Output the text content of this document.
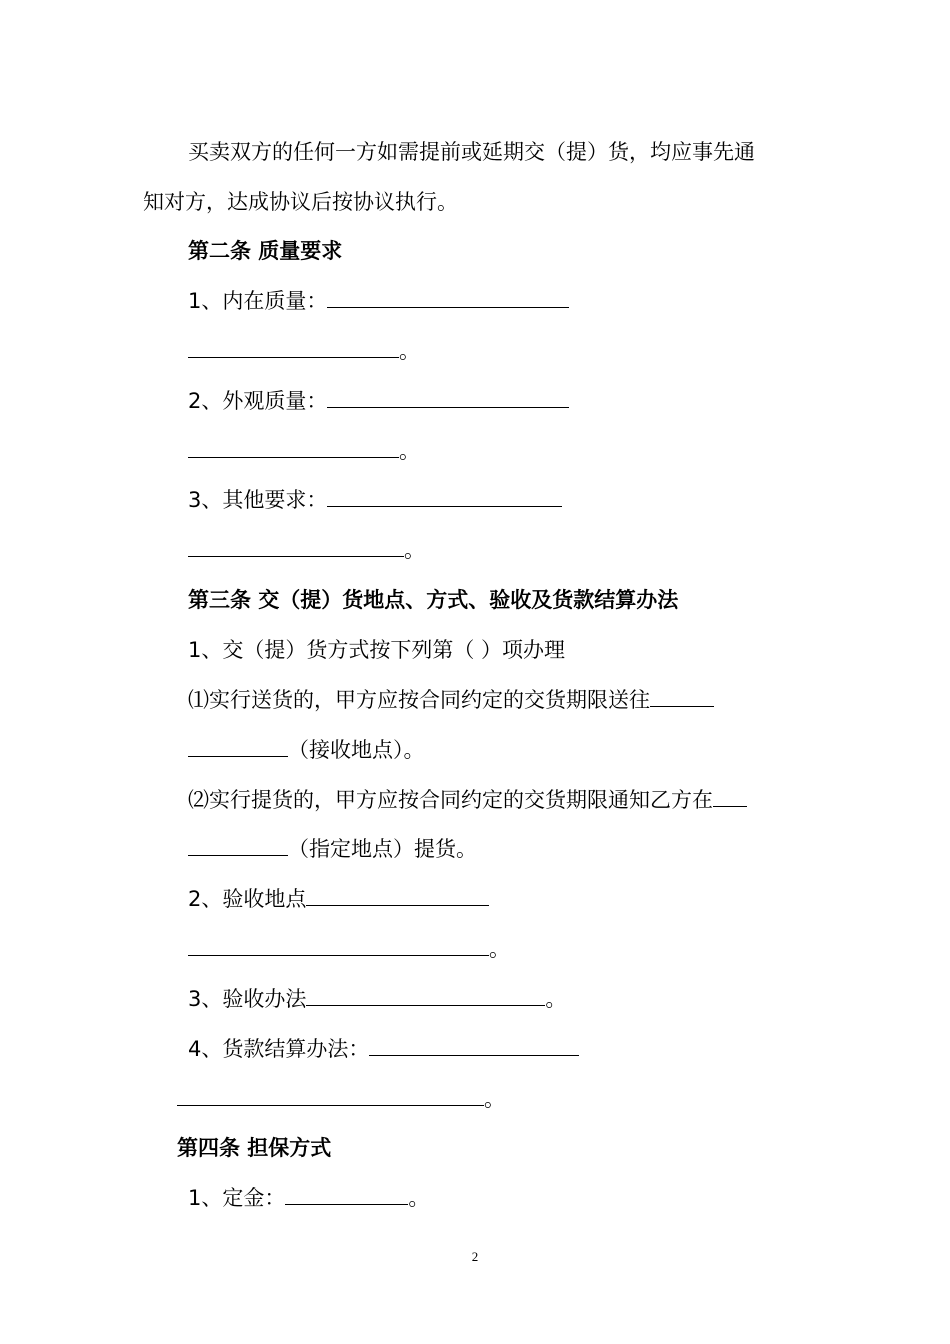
买卖双方的任何一方如需提前或延期交（提）货，均应事先通
知对方，达成协议后按协议执行。
第二条 质量要求
1、内在质量：
。
2、外观质量：
。
3、其他要求：
。
第三条 交（提）货地点、方式、验收及货款结算办法
1、交（提）货方式按下列第（ ）项办理
⑴实行送货的，甲方应按合同约定的交货期限送往
（接收地点）。
⑵实行提货的，甲方应按合同约定的交货期限通知乙方在
（指定地点）提货。
2、验收地点
。
3、验收办法	。
4、货款结算办法：
。
第四条 担保方式
1、定金：	。
2
